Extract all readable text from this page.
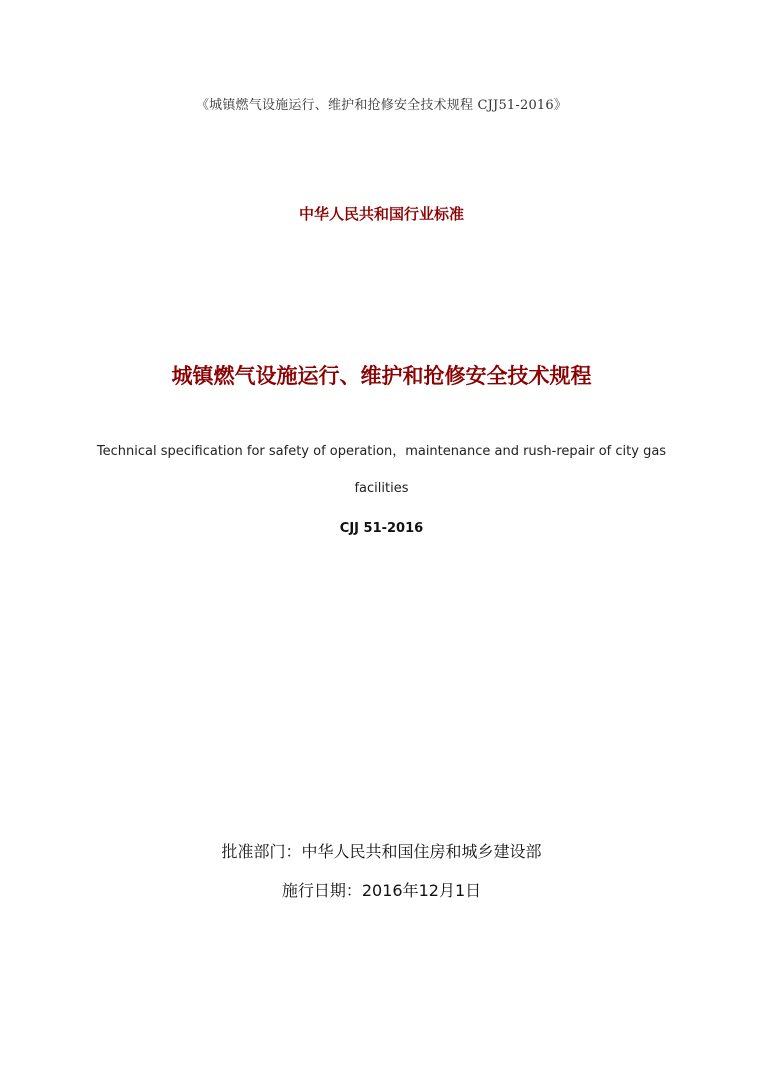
《城镇燃气设施运行、维护和抢修安全技术规程 CJJ51-2016》
中华人民共和国行业标准
城镇燃气设施运行、维护和抢修安全技术规程
Technical specification for safety of operation，maintenance and rush-repair of city gas
facilities
CJJ 51-2016
批准部门：中华人民共和国住房和城乡建设部
施行日期：2016年12月1日
